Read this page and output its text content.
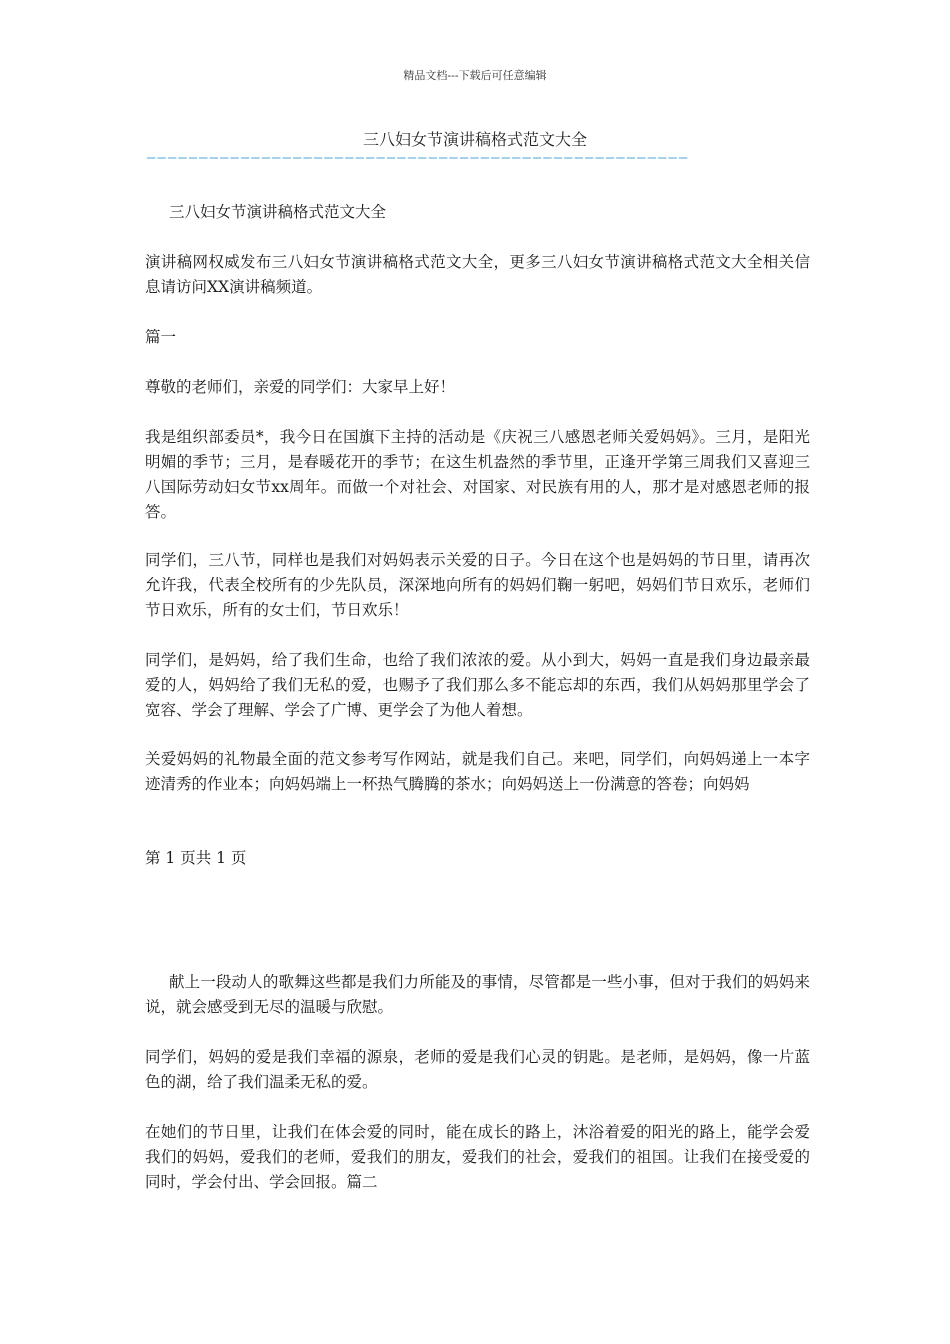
精品文档---下载后可任意编辑
三八妇女节演讲稿格式范文大全
————————————————————————————————————————————————————

三八妇女节演讲稿格式范文大全

演讲稿网权威发布三八妇女节演讲稿格式范文大全，更多三八妇女节演讲稿格式范文大全相关信息请访问XX演讲稿频道。

篇一

尊敬的老师们，亲爱的同学们：大家早上好！

我是组织部委员*，我今日在国旗下主持的活动是《庆祝三八感恩老师关爱妈妈》。三月，是阳光明媚的季节；三月，是春暖花开的季节；在这生机盎然的季节里，正逢开学第三周我们又喜迎三八国际劳动妇女节xx周年。而做一个对社会、对国家、对民族有用的人，那才是对感恩老师的报答。

同学们，三八节，同样也是我们对妈妈表示关爱的日子。今日在这个也是妈妈的节日里，请再次允许我，代表全校所有的少先队员，深深地向所有的妈妈们鞠一躬吧，妈妈们节日欢乐，老师们节日欢乐，所有的女士们，节日欢乐！

同学们，是妈妈，给了我们生命，也给了我们浓浓的爱。从小到大，妈妈一直是我们身边最亲最爱的人，妈妈给了我们无私的爱，也赐予了我们那么多不能忘却的东西，我们从妈妈那里学会了宽容、学会了理解、学会了广博、更学会了为他人着想。

关爱妈妈的礼物最全面的范文参考写作网站，就是我们自己。来吧，同学们，向妈妈递上一本字迹清秀的作业本；向妈妈端上一杯热气腾腾的茶水；向妈妈送上一份满意的答卷；向妈妈

第 1 页共 1 页

献上一段动人的歌舞这些都是我们力所能及的事情，尽管都是一些小事，但对于我们的妈妈来说，就会感受到无尽的温暖与欣慰。

同学们，妈妈的爱是我们幸福的源泉，老师的爱是我们心灵的钥匙。是老师，是妈妈，像一片蓝色的湖，给了我们温柔无私的爱。

在她们的节日里，让我们在体会爱的同时，能在成长的路上，沐浴着爱的阳光的路上，能学会爱我们的妈妈，爱我们的老师，爱我们的朋友，爱我们的社会，爱我们的祖国。让我们在接受爱的同时，学会付出、学会回报。篇二
